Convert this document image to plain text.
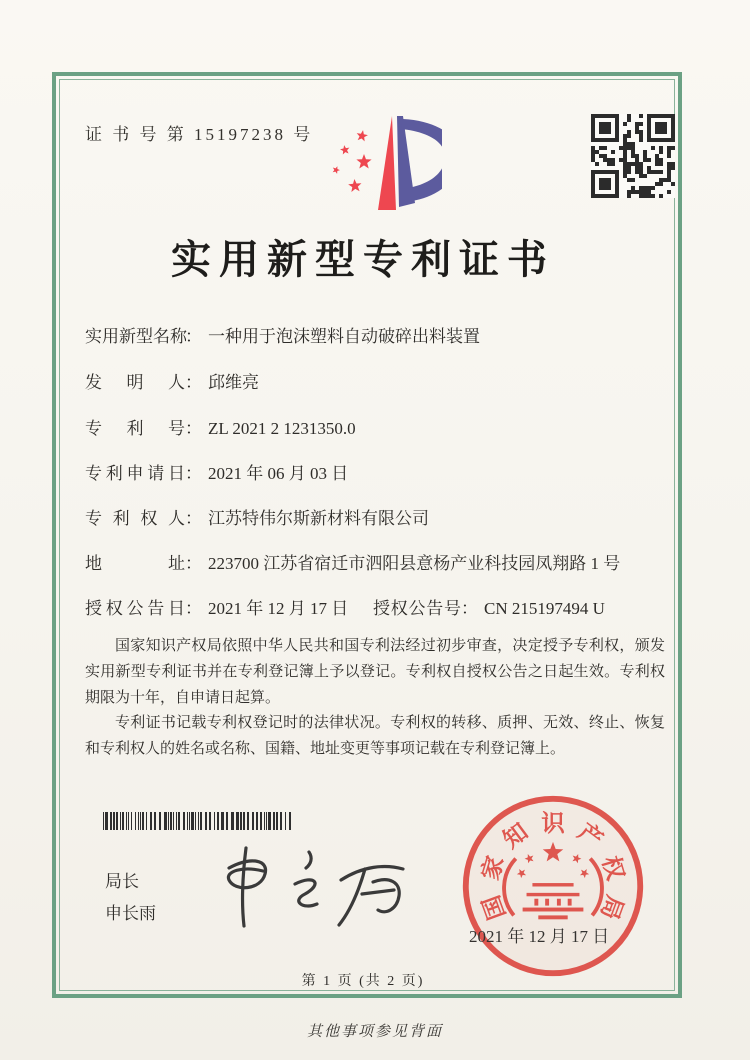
证 书 号 第 15197238 号
实用新型专利证书
实用新型名称： 一种用于泡沫塑料自动破碎出料装置
发明人： 邱维亮
专利号： ZL 2021 2 1231350.0
专利申请日： 2021 年 06 月 03 日
专利权人： 江苏特伟尔斯新材料有限公司
地址： 223700 江苏省宿迁市泗阳县意杨产业科技园凤翔路 1 号
授权公告日： 2021 年 12 月 17 日 授权公告号： CN 215197494 U

国家知识产权局依照中华人民共和国专利法经过初步审查，决定授予专利权，颁发实用新型专利证书并在专利登记簿上予以登记。专利权自授权公告之日起生效。专利权期限为十年，自申请日起算。

专利证书记载专利权登记时的法律状况。专利权的转移、质押、无效、终止、恢复和专利权人的姓名或名称、国籍、地址变更等事项记载在专利登记簿上。

局长
申长雨	国
家
知 识 产
权
局
2021 年 12 月 17 日
第 1 页 (共 2 页)
其他事项参见背面
